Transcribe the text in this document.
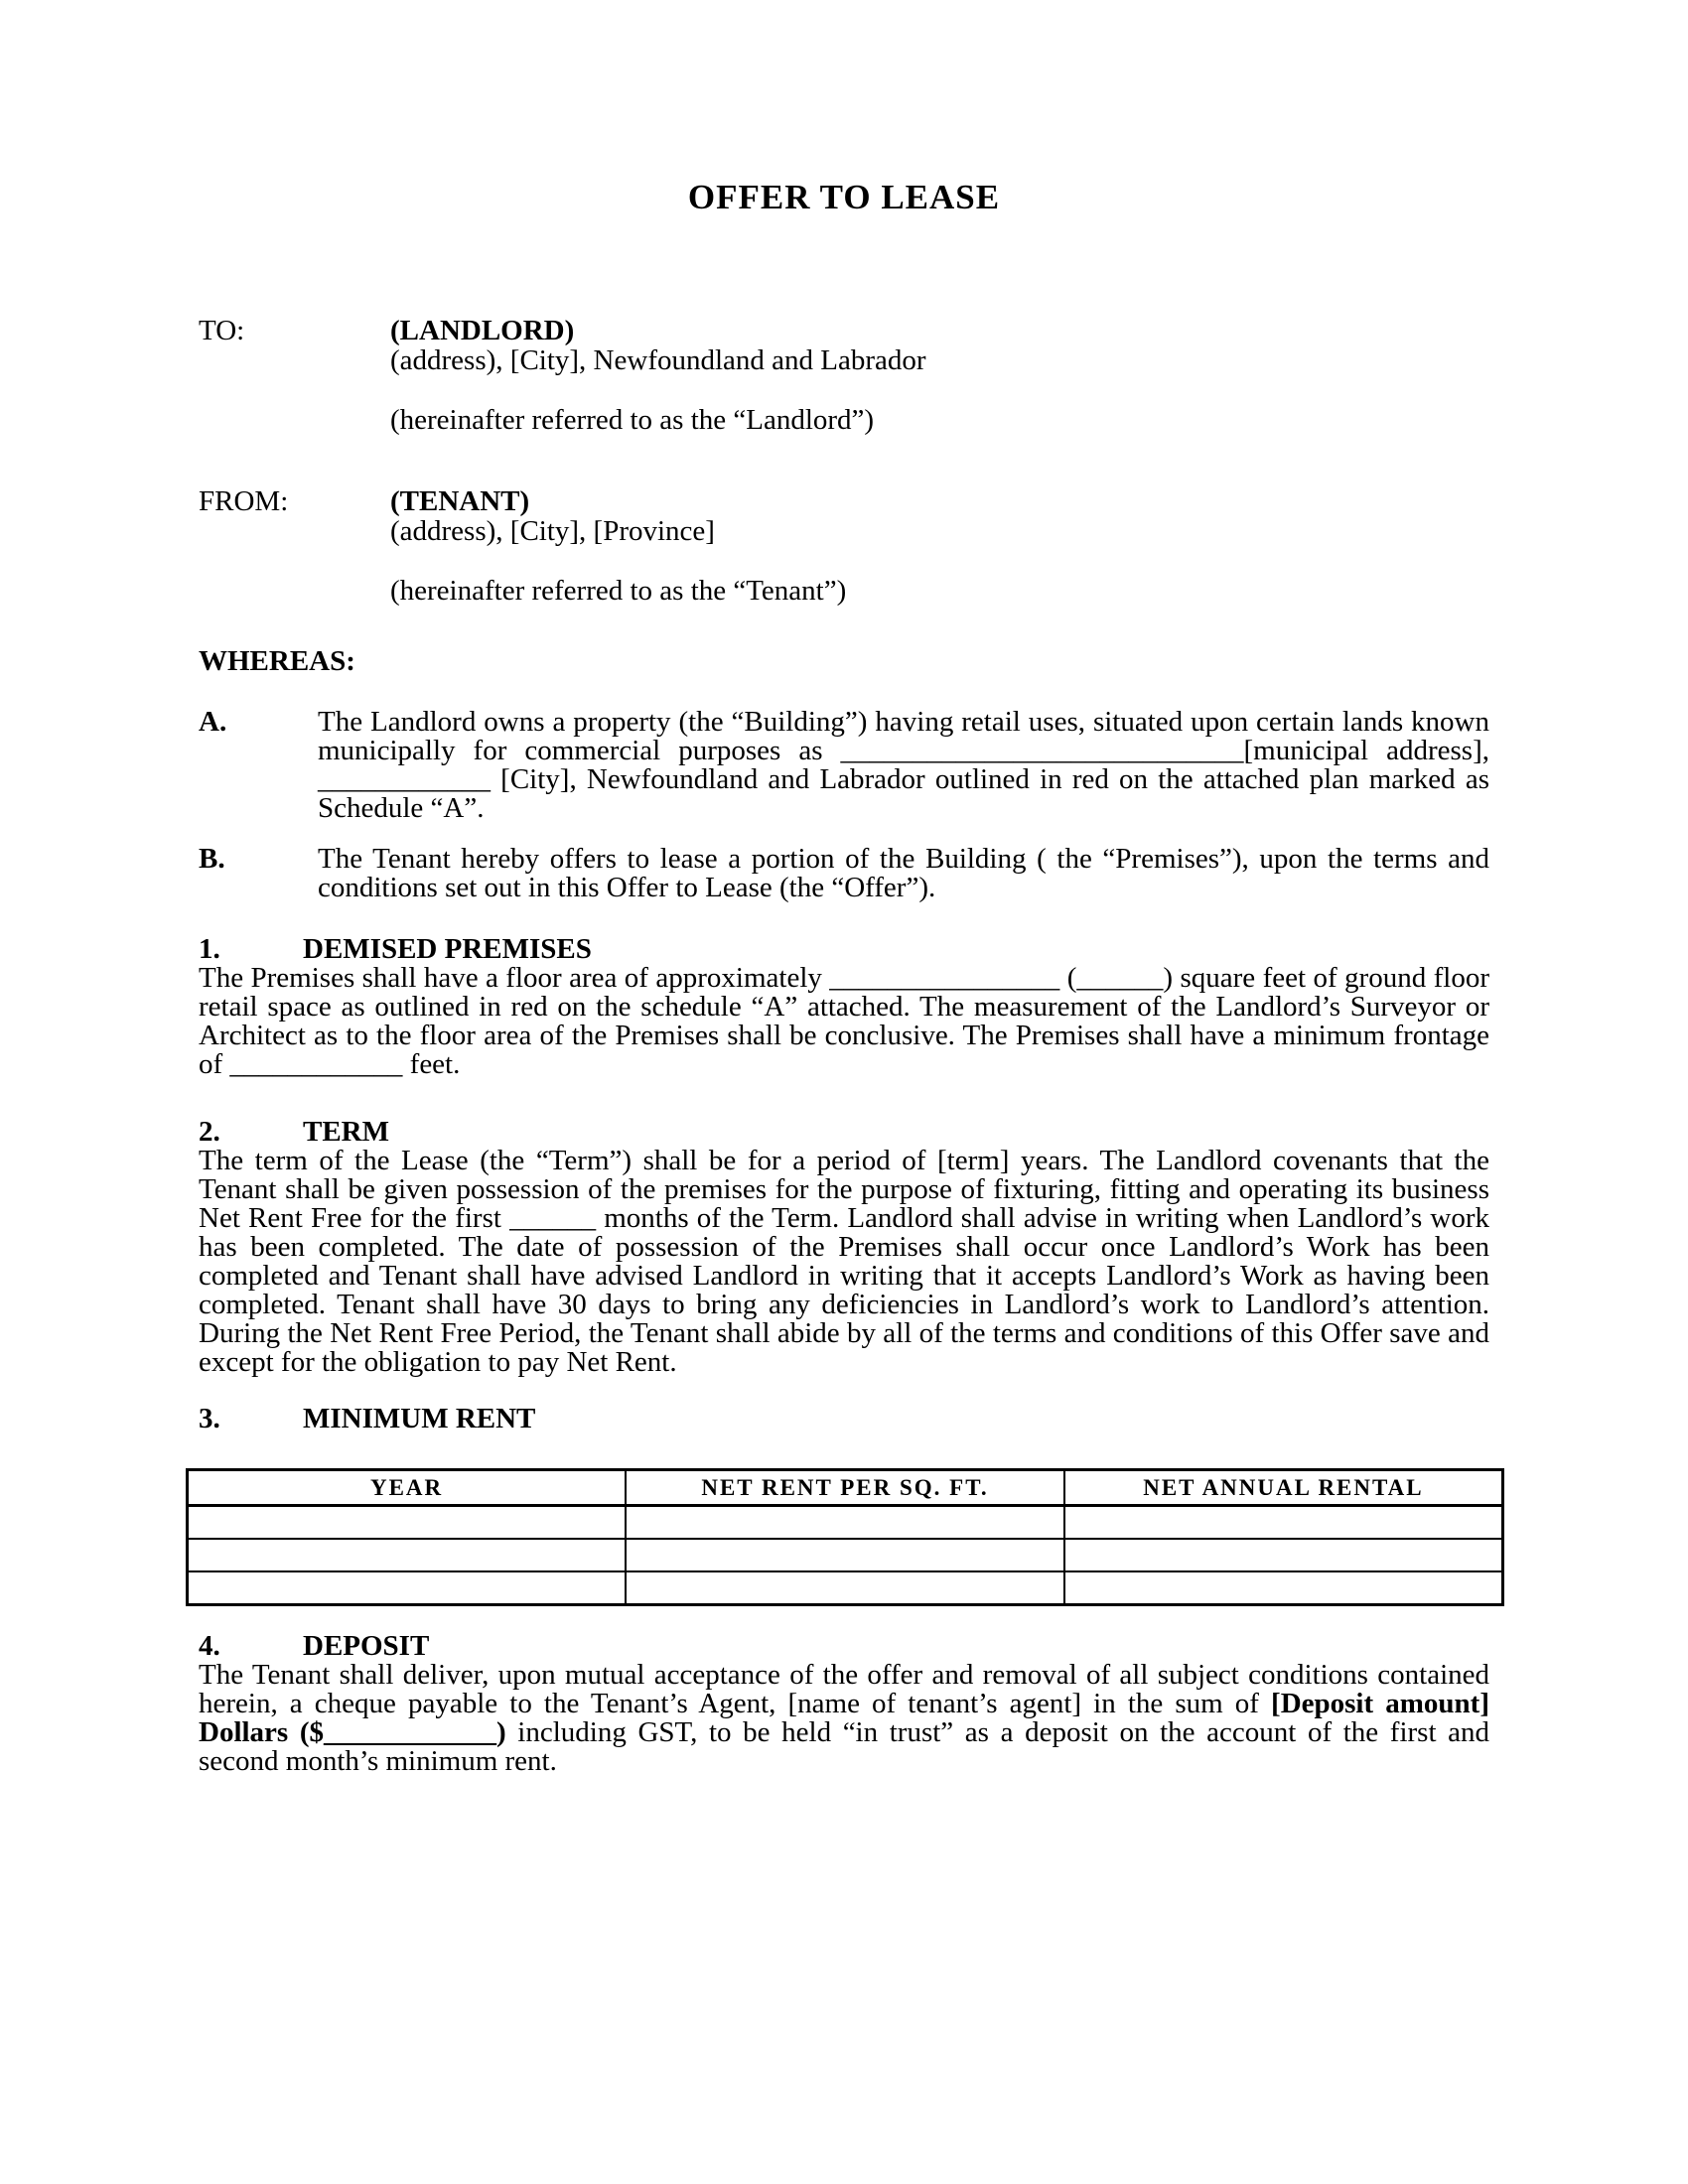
OFFER TO LEASE
TO:	(LANDLORD)
(address), [City], Newfoundland and Labrador
(hereinafter referred to as the “Landlord”)
FROM:	(TENANT)
(address), [City], [Province]
(hereinafter referred to as the “Tenant”)
WHEREAS:
A.	The Landlord owns a property (the “Building”) having retail uses, situated upon certain lands known municipally for commercial purposes as ____________________________[municipal address], ____________ [City], Newfoundland and Labrador outlined in red on the attached plan marked as Schedule “A”.
B.	The Tenant hereby offers to lease a portion of the Building ( the “Premises”), upon the terms and conditions set out in this Offer to Lease (the “Offer”).
1.	DEMISED PREMISES

The Premises shall have a floor area of approximately ________________ (______) square feet of ground floor retail space as outlined in red on the schedule “A” attached. The measurement of the Landlord’s Surveyor or Architect as to the floor area of the Premises shall be conclusive. The Premises shall have a minimum frontage of ____________ feet.

2.	TERM

The term of the Lease (the “Term”) shall be for a period of [term] years. The Landlord covenants that the Tenant shall be given possession of the premises for the purpose of fixturing, fitting and operating its business Net Rent Free for the first ______ months of the Term. Landlord shall advise in writing when Landlord’s work has been completed. The date of possession of the Premises shall occur once Landlord’s Work has been completed and Tenant shall have advised Landlord in writing that it accepts Landlord’s Work as having been completed. Tenant shall have 30 days to bring any deficiencies in Landlord’s work to Landlord’s attention. During the Net Rent Free Period, the Tenant shall abide by all of the terms and conditions of this Offer save and except for the obligation to pay Net Rent.

3.	MINIMUM RENT
YEAR	NET RENT PER SQ. FT.	NET ANNUAL RENTAL

4.	DEPOSIT

The Tenant shall deliver, upon mutual acceptance of the offer and removal of all subject conditions contained herein, a cheque payable to the Tenant’s Agent, [name of tenant’s agent] in the sum of [Deposit amount] Dollars ($____________) including GST, to be held “in trust” as a deposit on the account of the first and second month’s minimum rent.
